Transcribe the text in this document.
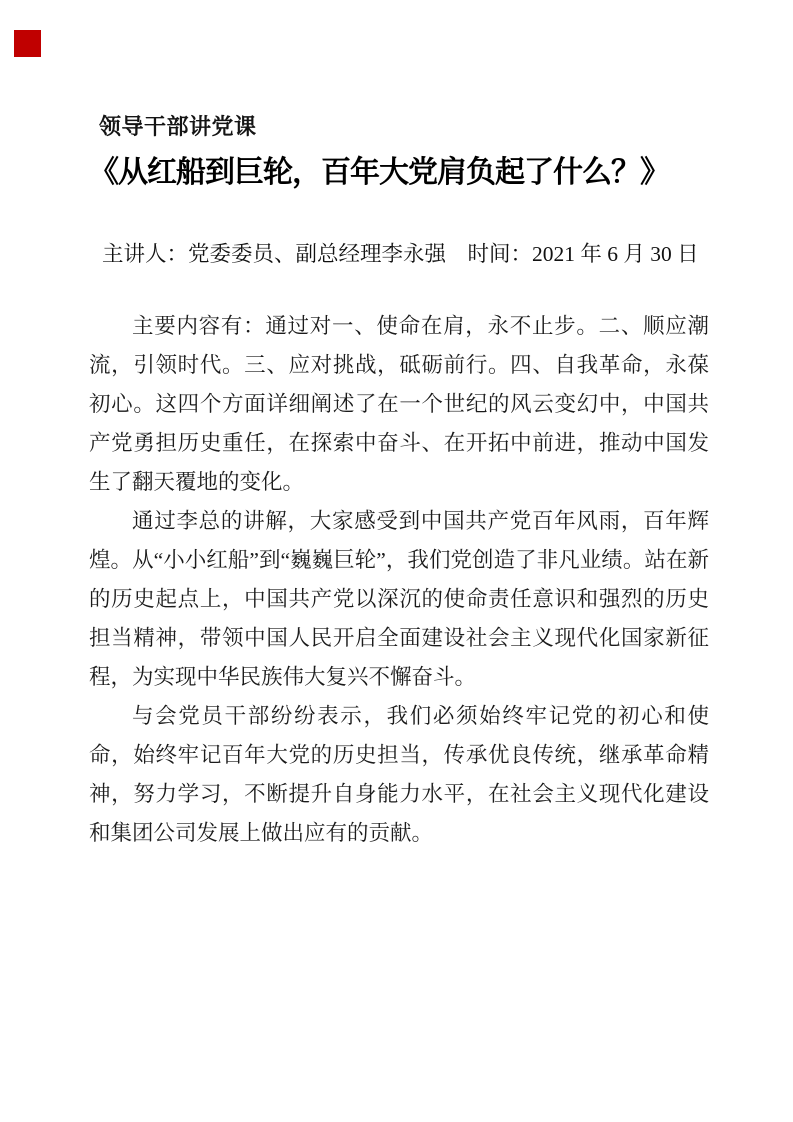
领导干部讲党课
《从红船到巨轮，百年大党肩负起了什么？》
主讲人：党委委员、副总经理李永强　时间：2021 年 6 月 30 日

主要内容有：通过对一、使命在肩，永不止步。二、顺应潮流，引领时代。三、应对挑战，砥砺前行。四、自我革命，永葆初心。这四个方面详细阐述了在一个世纪的风云变幻中，中国共产党勇担历史重任，在探索中奋斗、在开拓中前进，推动中国发生了翻天覆地的变化。

通过李总的讲解，大家感受到中国共产党百年风雨，百年辉煌。从“小小红船”到“巍巍巨轮”，我们党创造了非凡业绩。站在新的历史起点上，中国共产党以深沉的使命责任意识和强烈的历史担当精神，带领中国人民开启全面建设社会主义现代化国家新征程，为实现中华民族伟大复兴不懈奋斗。

与会党员干部纷纷表示，我们必须始终牢记党的初心和使命，始终牢记百年大党的历史担当，传承优良传统，继承革命精神，努力学习，不断提升自身能力水平，在社会主义现代化建设和集团公司发展上做出应有的贡献。
